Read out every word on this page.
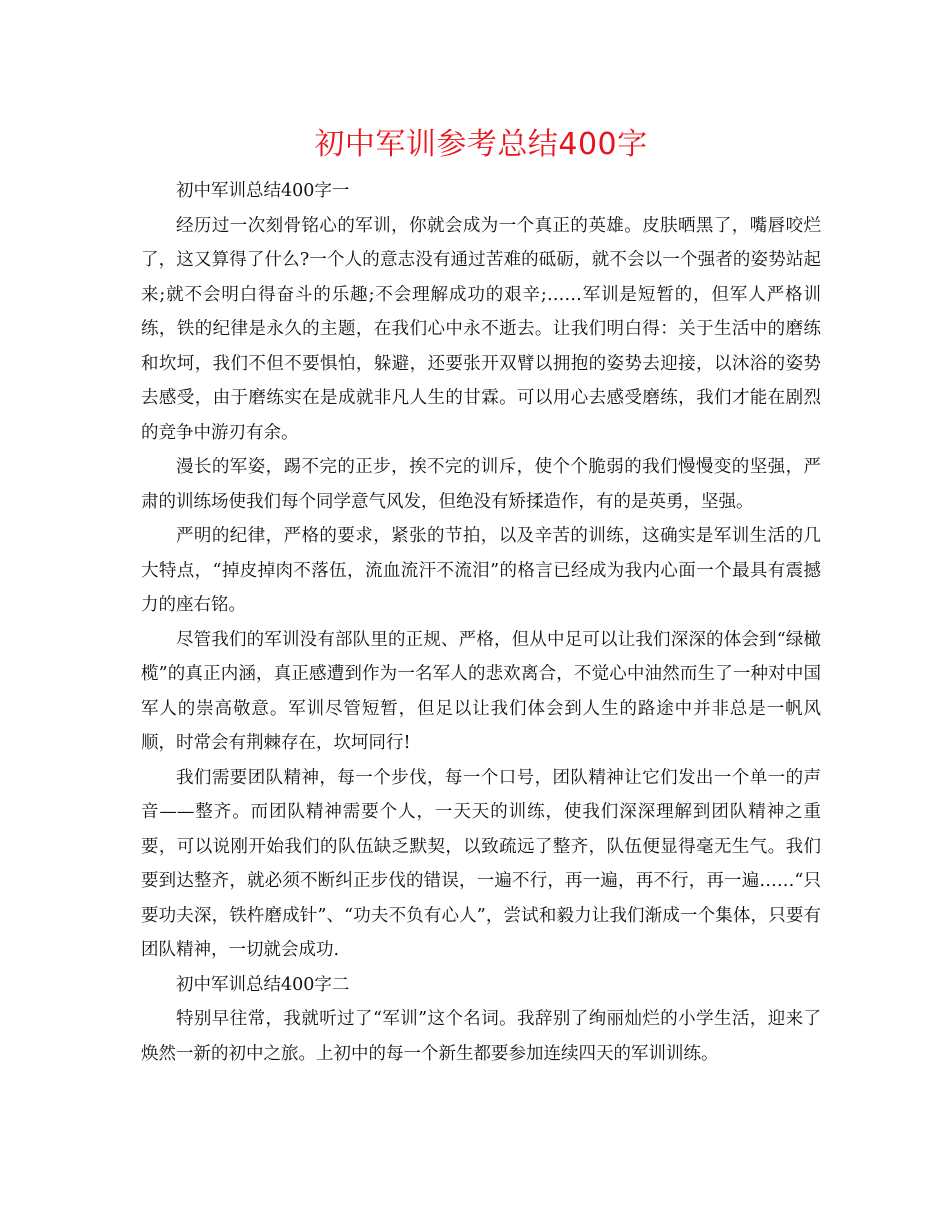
初中军训参考总结400字

初中军训总结400字一

经历过一次刻骨铭心的军训，你就会成为一个真正的英雄。皮肤晒黑了，嘴唇咬烂了，这又算得了什么?一个人的意志没有通过苦难的砥砺，就不会以一个强者的姿势站起来;就不会明白得奋斗的乐趣;不会理解成功的艰辛;……军训是短暂的，但军人严格训练，铁的纪律是永久的主题，在我们心中永不逝去。让我们明白得：关于生活中的磨练和坎坷，我们不但不要惧怕，躲避，还要张开双臂以拥抱的姿势去迎接，以沐浴的姿势去感受，由于磨练实在是成就非凡人生的甘霖。可以用心去感受磨练，我们才能在剧烈的竞争中游刃有余。

漫长的军姿，踢不完的正步，挨不完的训斥，使个个脆弱的我们慢慢变的坚强，严肃的训练场使我们每个同学意气风发，但绝没有矫揉造作，有的是英勇，坚强。

严明的纪律，严格的要求，紧张的节拍，以及辛苦的训练，这确实是军训生活的几大特点，“掉皮掉肉不落伍，流血流汗不流泪”的格言已经成为我内心面一个最具有震撼力的座右铭。

尽管我们的军训没有部队里的正规、严格，但从中足可以让我们深深的体会到“绿橄榄”的真正内涵，真正感遭到作为一名军人的悲欢离合，不觉心中油然而生了一种对中国军人的崇高敬意。军训尽管短暂，但足以让我们体会到人生的路途中并非总是一帆风顺，时常会有荆棘存在，坎坷同行!

我们需要团队精神，每一个步伐，每一个口号，团队精神让它们发出一个单一的声音——整齐。而团队精神需要个人，一天天的训练，使我们深深理解到团队精神之重要，可以说刚开始我们的队伍缺乏默契，以致疏远了整齐，队伍便显得毫无生气。我们要到达整齐，就必须不断纠正步伐的错误，一遍不行，再一遍，再不行，再一遍……“只要功夫深，铁杵磨成针”、“功夫不负有心人”，尝试和毅力让我们渐成一个集体，只要有团队精神，一切就会成功.

初中军训总结400字二

特别早往常，我就听过了“军训”这个名词。我辞别了绚丽灿烂的小学生活，迎来了焕然一新的初中之旅。上初中的每一个新生都要参加连续四天的军训训练。
